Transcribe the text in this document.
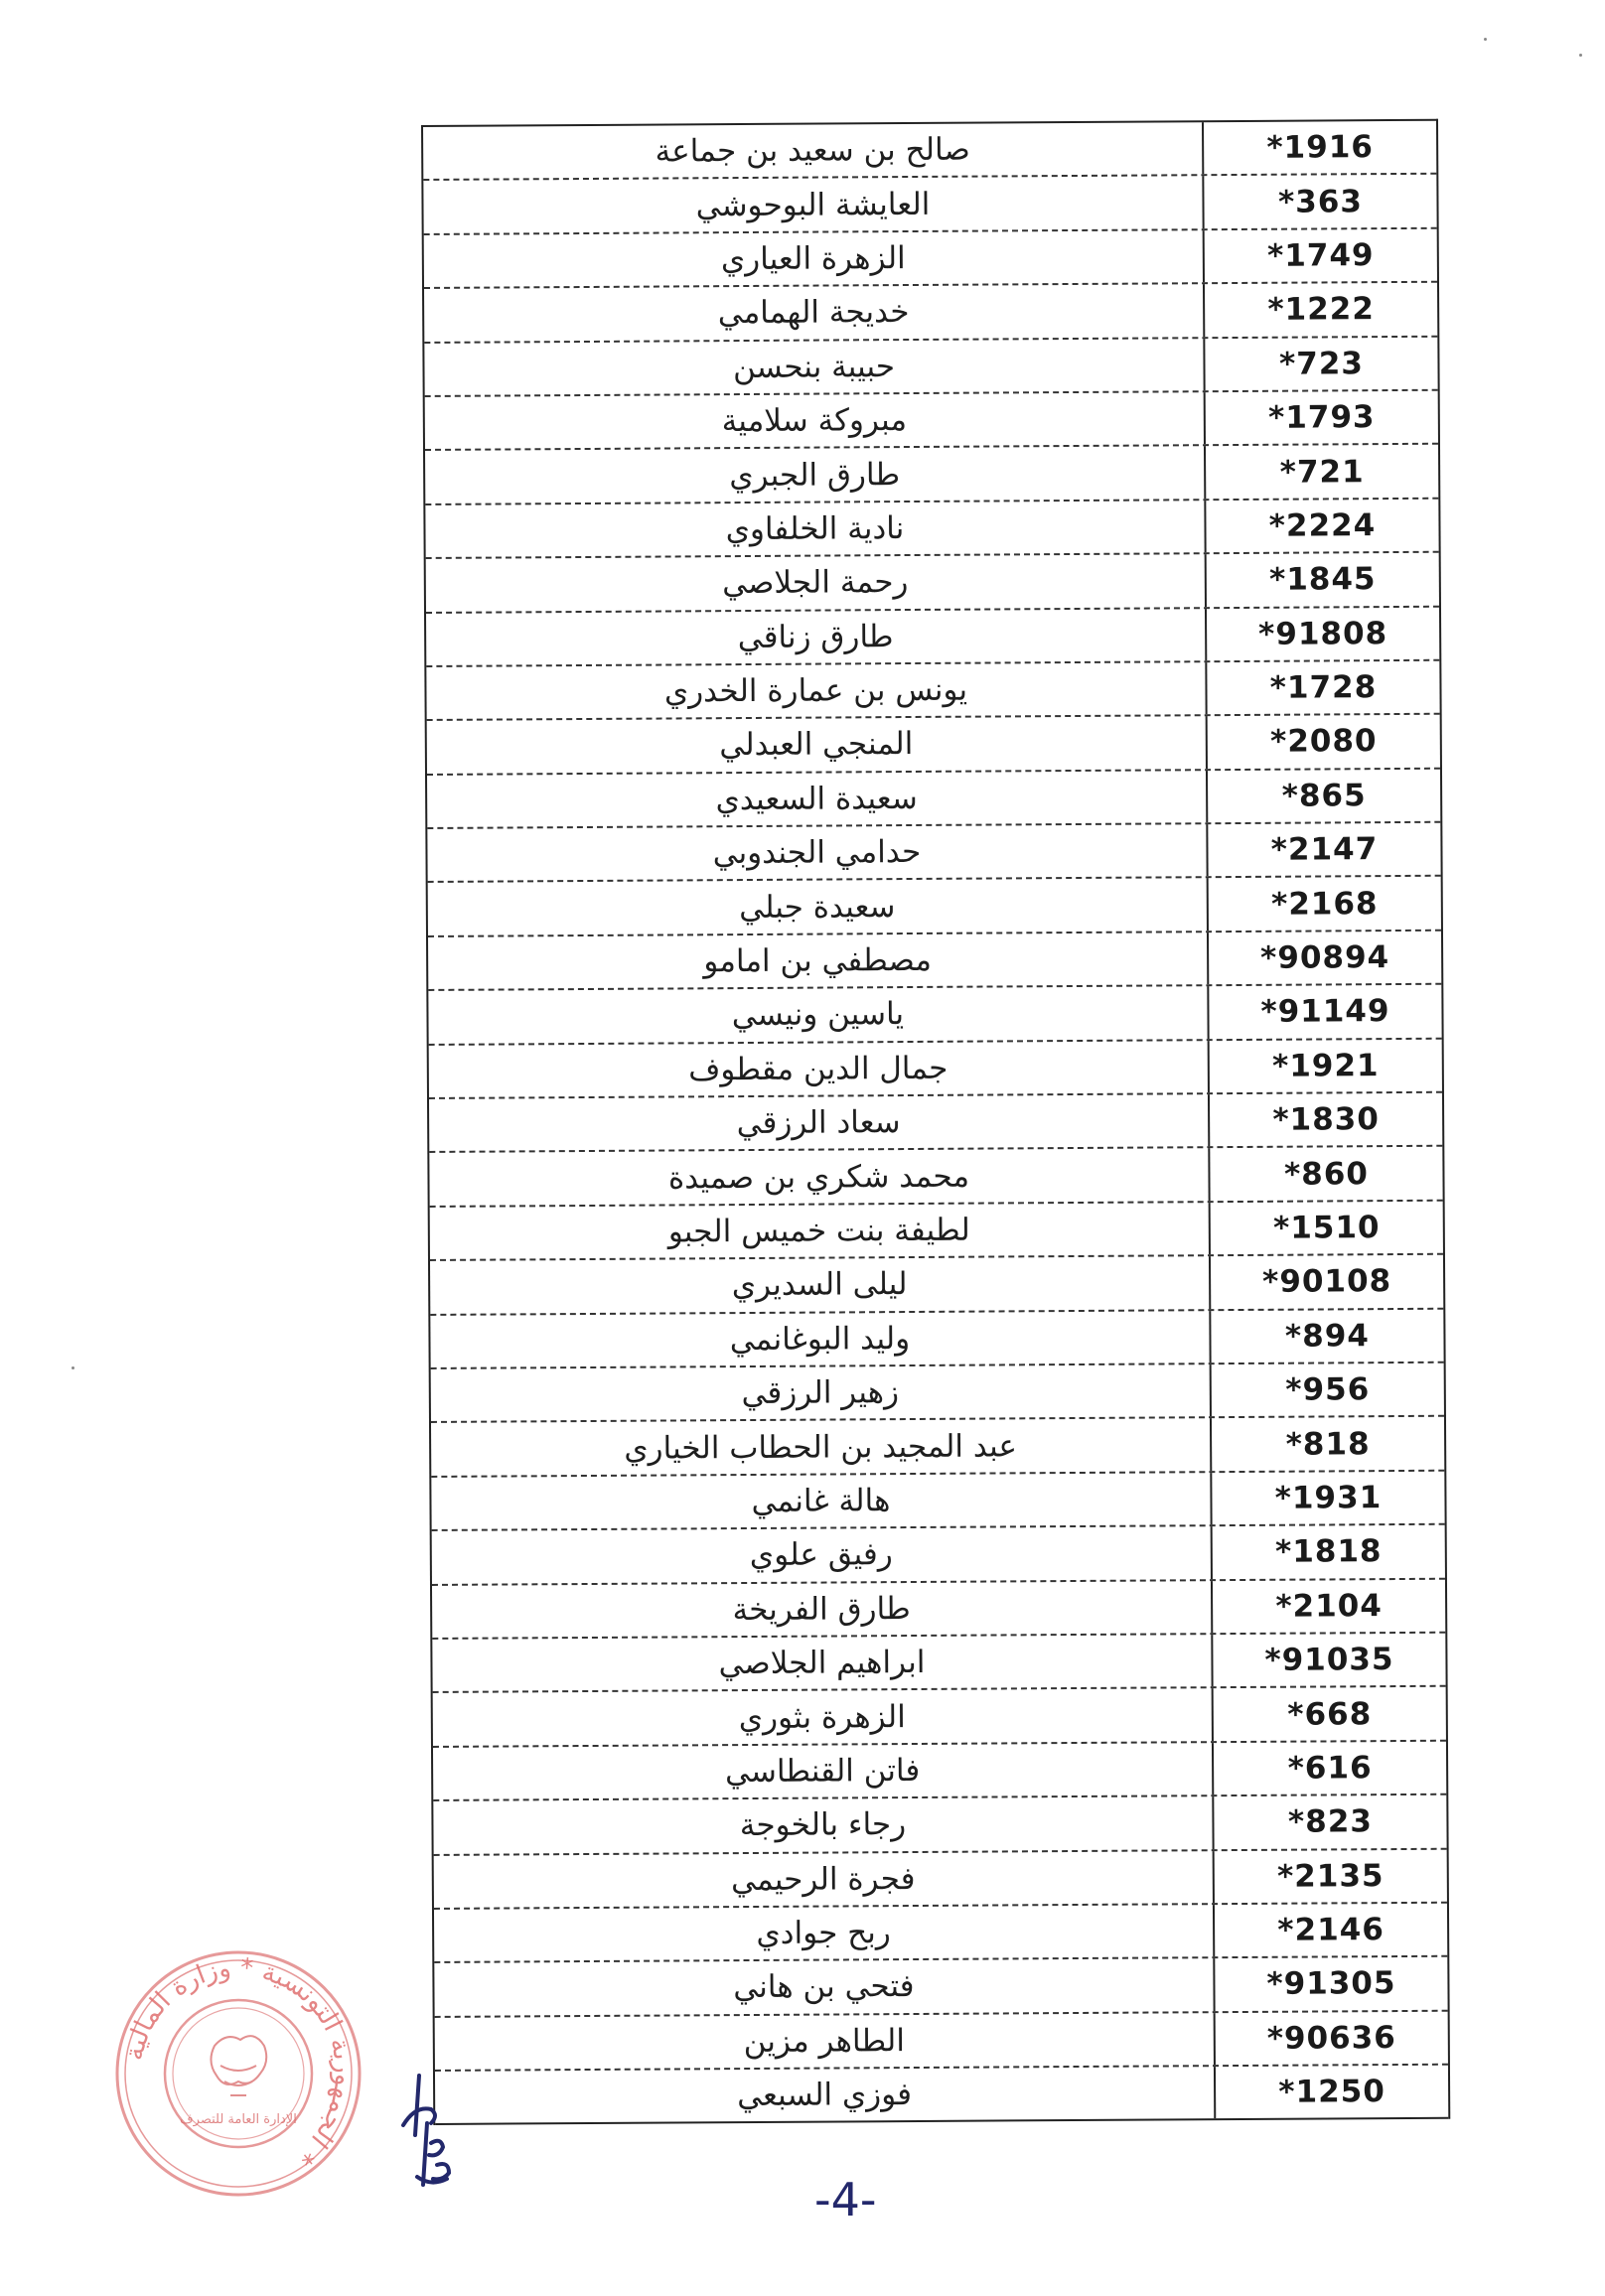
صالح بن سعيد بن جماعة	*1916
العايشة البوحوشي	*363
الزهرة العياري	*1749
خديجة الهمامي	*1222
حبيبة بنحسن	*723
مبروكة سلامية	*1793
طارق الجبري	*721
نادية الخلفاوي	*2224
رحمة الجلاصي	*1845
طارق زناقي	*91808
يونس بن عمارة الخدري	*1728
المنجي العبدلي	*2080
سعيدة السعيدي	*865
حدامي الجندوبي	*2147
سعيدة جبلي	*2168
مصطفي بن امامو	*90894
ياسين ونيسي	*91149
جمال الدين مقطوف	*1921
سعاد الرزقي	*1830
محمد شكري بن صميدة	*860
لطيفة بنت خميس الجبو	*1510
ليلى السديري	*90108
وليد البوغانمي	*894
زهير الرزقي	*956
عبد المجيد بن الحطاب الخياري	*818
هالة غانمي	*1931
رفيق علوي	*1818
طارق الفريخة	*2104
ابراهيم الجلاصي	*91035
الزهرة بثوري	*668
فاتن القنطاسي	*616
رجاء بالخوجة	*823
فجرة الرحيمي	*2135
ربح جوادي	*2146
فتحي بن هاني	*91305
الطاهر مزين	*90636
فوزي السبعي	*1250
الجمهورية التونسية * وزارة المالية *
الإدارة العامة للتصرف
-4-
